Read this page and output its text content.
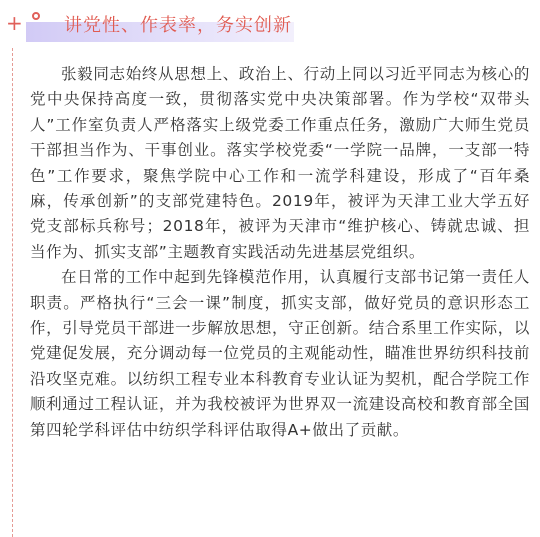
+ 讲党性、作表率，务实创新

张毅同志始终从思想上、政治上、行动上同以习近平同志为核心的党中央保持高度一致，贯彻落实党中央决策部署。作为学校“双带头人”工作室负责人严格落实上级党委工作重点任务，激励广大师生党员干部担当作为、干事创业。落实学校党委“一学院一品牌，一支部一特色”工作要求，聚焦学院中心工作和一流学科建设，形成了“百年桑麻，传承创新”的支部党建特色。2019年，被评为天津工业大学五好党支部标兵称号；2018年，被评为天津市“维护核心、铸就忠诚、担当作为、抓实支部”主题教育实践活动先进基层党组织。

在日常的工作中起到先锋模范作用，认真履行支部书记第一责任人职责。严格执行“三会一课”制度，抓实支部，做好党员的意识形态工作，引导党员干部进一步解放思想，守正创新。结合系里工作实际，以党建促发展，充分调动每一位党员的主观能动性，瞄准世界纺织科技前沿攻坚克难。以纺织工程专业本科教育专业认证为契机，配合学院工作顺利通过工程认证，并为我校被评为世界双一流建设高校和教育部全国第四轮学科评估中纺织学科评估取得A+做出了贡献。
